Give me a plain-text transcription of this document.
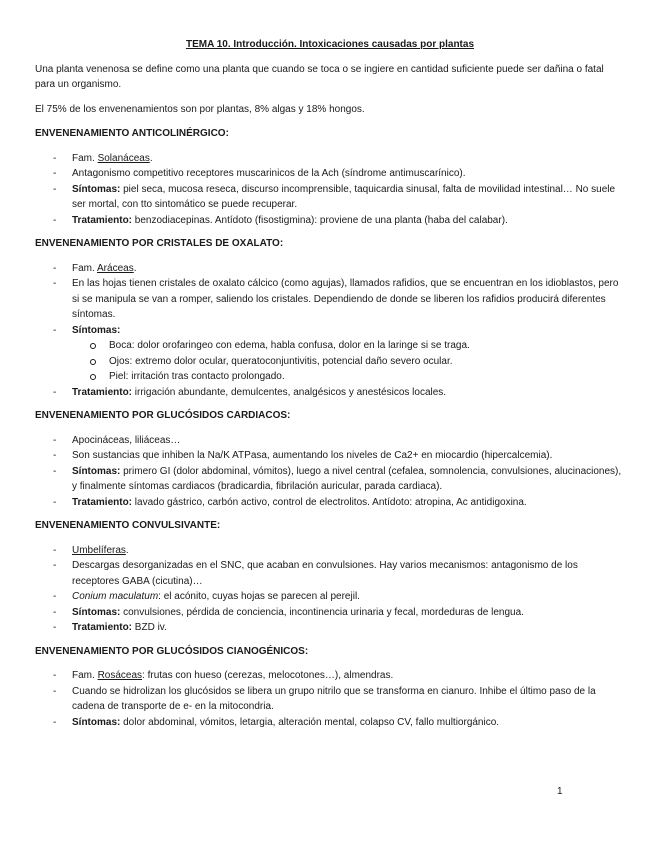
TEMA 10. Introducción. Intoxicaciones causadas por plantas

Una planta venenosa se define como una planta que cuando se toca o se ingiere en cantidad suficiente puede ser dañina o fatal para un organismo.

El 75% de los envenenamientos son por plantas, 8% algas y 18% hongos.

ENVENENAMIENTO ANTICOLINÉRGICO:
- Fam. Solanáceas.
- Antagonismo competitivo receptores muscarinicos de la Ach (síndrome antimuscarínico).
- Síntomas: piel seca, mucosa reseca, discurso incomprensible, taquicardia sinusal, falta de movilidad intestinal… No suele ser mortal, con tto sintomático se puede recuperar.
- Tratamiento: benzodiacepinas. Antídoto (fisostigmina): proviene de una planta (haba del calabar).
ENVENENAMIENTO POR CRISTALES DE OXALATO:
- Fam. Aráceas.
- En las hojas tienen cristales de oxalato cálcico (como agujas), llamados rafidios, que se encuentran en los idioblastos, pero si se manipula se van a romper, saliendo los cristales. Dependiendo de donde se liberen los rafidios producirá diferentes síntomas.
- Síntomas:
Boca: dolor orofaringeo con edema, habla confusa, dolor en la laringe si se traga.
Ojos: extremo dolor ocular, queratoconjuntivitis, potencial daño severo ocular.
Piel: irritación tras contacto prolongado.
- Tratamiento: irrigación abundante, demulcentes, analgésicos y anestésicos locales.
ENVENENAMIENTO POR GLUCÓSIDOS CARDIACOS:
- Apocináceas, liliáceas…
- Son sustancias que inhiben la Na/K ATPasa, aumentando los niveles de Ca2+ en miocardio (hipercalcemia).
- Síntomas: primero GI (dolor abdominal, vómitos), luego a nivel central (cefalea, somnolencia, convulsiones, alucinaciones), y finalmente síntomas cardiacos (bradicardia, fibrilación auricular, parada cardiaca).
- Tratamiento: lavado gástrico, carbón activo, control de electrolitos. Antídoto: atropina, Ac antidigoxina.
ENVENENAMIENTO CONVULSIVANTE:
- Umbelíferas.
- Descargas desorganizadas en el SNC, que acaban en convulsiones. Hay varios mecanismos: antagonismo de los receptores GABA (cicutina)…
- Conium maculatum: el acónito, cuyas hojas se parecen al perejil.
- Síntomas: convulsiones, pérdida de conciencia, incontinencia urinaria y fecal, mordeduras de lengua.
- Tratamiento: BZD iv.
ENVENENAMIENTO POR GLUCÓSIDOS CIANOGÉNICOS:
- Fam. Rosáceas: frutas con hueso (cerezas, melocotones…), almendras.
- Cuando se hidrolizan los glucósidos se libera un grupo nitrilo que se transforma en cianuro. Inhibe el último paso de la cadena de transporte de e- en la mitocondria.
- Síntomas: dolor abdominal, vómitos, letargia, alteración mental, colapso CV, fallo multiorgánico.
1
